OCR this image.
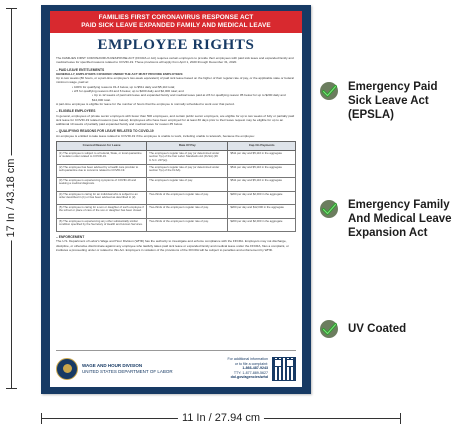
17 In / 43.18 cm
FAMILIES FIRST CORONAVIRUS RESPONSE ACT
PAID SICK LEAVE EXPANDED FAMILY AND MEDICAL LEAVE
EMPLOYEE RIGHTS
The FAMILIES FIRST CORONAVIRUS RESPONSE ACT (FFCRA or Act) requires certain employers to provide their employees with paid sick leave and expanded family and medical leave for specified reasons related to COVID-19. These provisions will apply from April 1, 2020 through December 31, 2020.
– PAID LEAVE ENTITLEMENTS
GENERALLY, EMPLOYERS COVERED UNDER THE ACT MUST PROVIDE EMPLOYEES:
Up to two weeks (80 hours, or a part-time employee's two-week equivalent) of paid sick leave based on the higher of their regular rate of pay, or the applicable state or federal minimum wage, paid at:
• 100% for qualifying reasons #1-3 below, up to $511 daily and $5,110 total;
• 2/3 for qualifying reasons #4 and 6 below, up to $200 daily and $2,000 total; and
• Up to 12 weeks of paid sick leave and expanded family and medical leave paid at 2/3 for qualifying reason #5 below for up to $200 daily and $12,000 total.
A part-time employee is eligible for leave for the number of hours that the employee is normally scheduled to work over that period.
– ELIGIBLE EMPLOYEES
In general, employees of private sector employers with fewer than 500 employees, and certain public sector employers, are eligible for up to two weeks of fully or partially paid sick leave for COVID-19 related reasons (see below). Employees who have been employed for at least 30 days prior to their leave request may be eligible for up to an additional 10 weeks of partially paid expanded family and medical leave for reason #5 below.
– QUALIFYING REASONS FOR LEAVE RELATED TO COVID-19
An employee is entitled to take leave related to COVID-19 if the employee is unable to work, including unable to telework, because the employee:
Covered Reason for Leave	Rate Of Pay	Cap On Payments
(1) The employee is subject to a Federal, State, or local quarantine or isolation order related to COVID-19.	The employee's regular rate of pay (or determined under section 7(e) of the Fair Labor Standards Act (FLSA) (29 U.S.C. 207(e)).	$511 per day and $5,110 in the aggregate
(2) The employee has been advised by a health care provider to self-quarantine due to concerns related to COVID-19.	The employee's regular rate of pay (or determined under section 7(e) of the FLSA).	$511 per day and $5,110 in the aggregate
(3) The employee is experiencing symptoms of COVID-19 and seeking a medical diagnosis.	The employee's regular rate of pay.	$511 per day and $5,110 in the aggregate
(4) The employee is caring for an individual who is subject to an order described in (1) or has been advised as described in (2).	Two-thirds of the employee's regular rate of pay.	$200 per day and $2,000 in the aggregate
(5) The employee is caring for a son or daughter of such employee if the school or place of care of the son or daughter has been closed.	Two-thirds of the employee's regular rate of pay.	$200 per day and $12,000 in the aggregate
(6) The employee is experiencing any other substantially similar condition specified by the Secretary of Health and Human Services.	Two-thirds of the employee's regular rate of pay.	$200 per day and $2,000 in the aggregate
– ENFORCEMENT
The U.S. Department of Labor's Wage and Hour Division (WHD) has the authority to investigate and enforce compliance with the FFCRA. Employers may not discharge, discipline, or otherwise discriminate against any employee who lawfully takes paid sick leave or expanded family and medical leave under the FFCRA, files a complaint, or institutes a proceeding under or related to this Act. Employers in violation of the provisions of the FFCRA will be subject to penalties and enforcement by WHD.
WAGE AND HOUR DIVISION
UNITED STATES DEPARTMENT OF LABOR
For additional information
or to file a complaint:
1-866-487-9243
TTY: 1-877-889-5627
dol.gov/agencies/whd
11 In / 27.94 cm
Emergency Paid Sick Leave Act (EPSLA)
Emergency Family And Medical Leave Expansion Act
UV Coated
